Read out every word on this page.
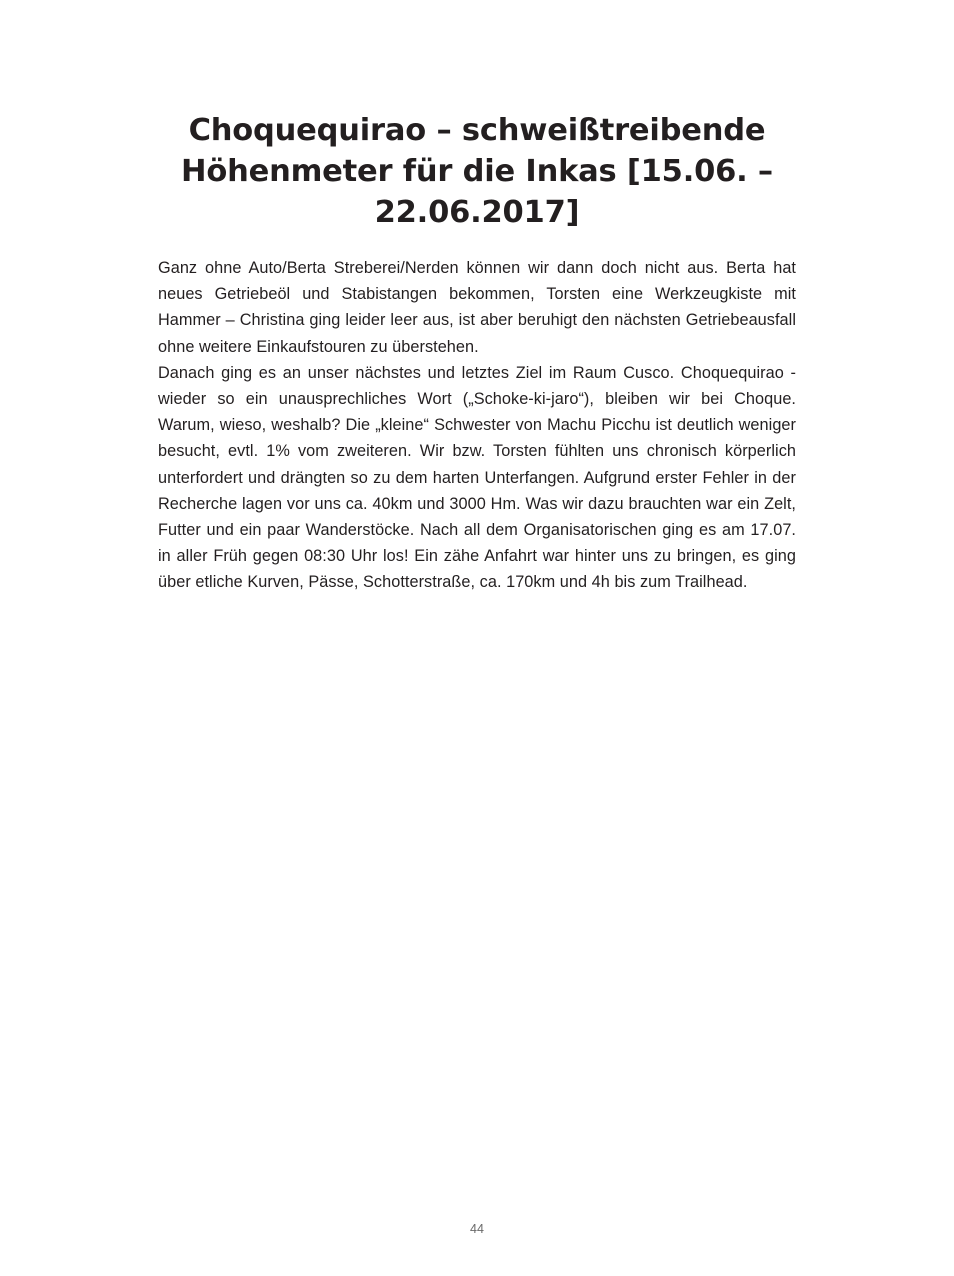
Choquequirao – schweißtreibende Höhenmeter für die Inkas [15.06. – 22.06.2017]

Ganz ohne Auto/Berta Streberei/Nerden können wir dann doch nicht aus. Berta hat neues Getriebeöl und Stabistangen bekommen, Torsten eine Werkzeugkiste mit Hammer – Christina ging leider leer aus, ist aber beruhigt den nächsten Getriebeausfall ohne weitere Einkaufstouren zu überstehen.

Danach ging es an unser nächstes und letztes Ziel im Raum Cusco. Choquequirao - wieder so ein unausprechliches Wort („Schoke-ki-jaro“), bleiben wir bei Choque. Warum, wieso, weshalb? Die „kleine“ Schwester von Machu Picchu ist deutlich weniger besucht, evtl. 1% vom zweiteren. Wir bzw. Torsten fühlten uns chronisch körperlich unterfordert und drängten so zu dem harten Unterfangen. Aufgrund erster Fehler in der Recherche lagen vor uns ca. 40km und 3000 Hm. Was wir dazu brauchten war ein Zelt, Futter und ein paar Wanderstöcke. Nach all dem Organisatorischen ging es am 17.07. in aller Früh gegen 08:30 Uhr los! Ein zähe Anfahrt war hinter uns zu bringen, es ging über etliche Kurven, Pässe, Schotterstraße, ca. 170km und 4h bis zum Trailhead.

44
